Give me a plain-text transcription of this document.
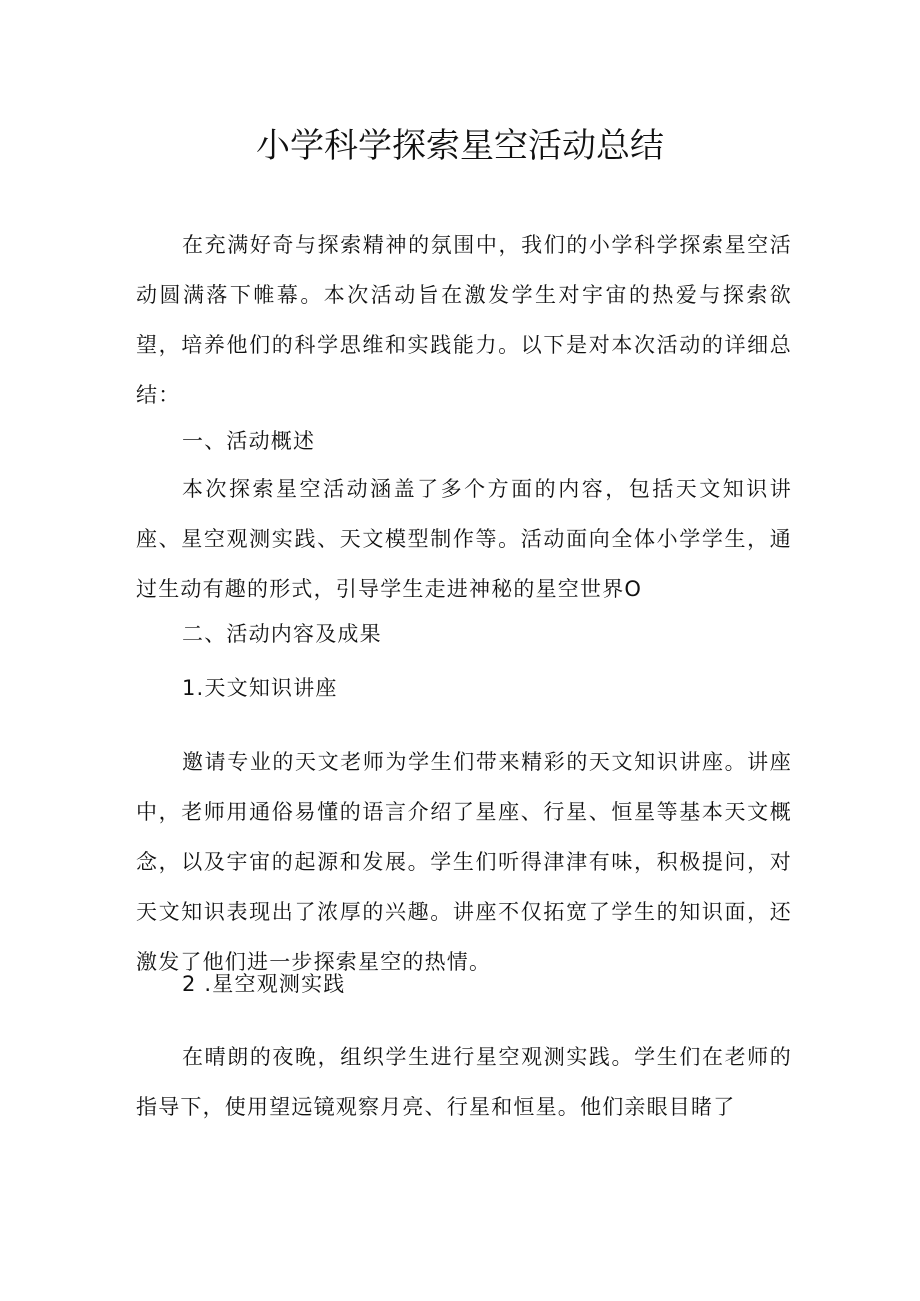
小学科学探索星空活动总结
在充满好奇与探索精神的氛围中，我们的小学科学探索星空活动圆满落下帷幕。本次活动旨在激发学生对宇宙的热爱与探索欲望，培养他们的科学思维和实践能力。以下是对本次活动的详细总结：
一、活动概述
本次探索星空活动涵盖了多个方面的内容，包括天文知识讲座、星空观测实践、天文模型制作等。活动面向全体小学学生，通过生动有趣的形式，引导学生走进神秘的星空世界O
二、活动内容及成果
1.天文知识讲座
邀请专业的天文老师为学生们带来精彩的天文知识讲座。讲座中，老师用通俗易懂的语言介绍了星座、行星、恒星等基本天文概念，以及宇宙的起源和发展。学生们听得津津有味，积极提问，对天文知识表现出了浓厚的兴趣。讲座不仅拓宽了学生的知识面，还激发了他们进一步探索星空的热情。
2 .星空观测实践
在晴朗的夜晚，组织学生进行星空观测实践。学生们在老师的指导下，使用望远镜观察月亮、行星和恒星。他们亲眼目睹了
